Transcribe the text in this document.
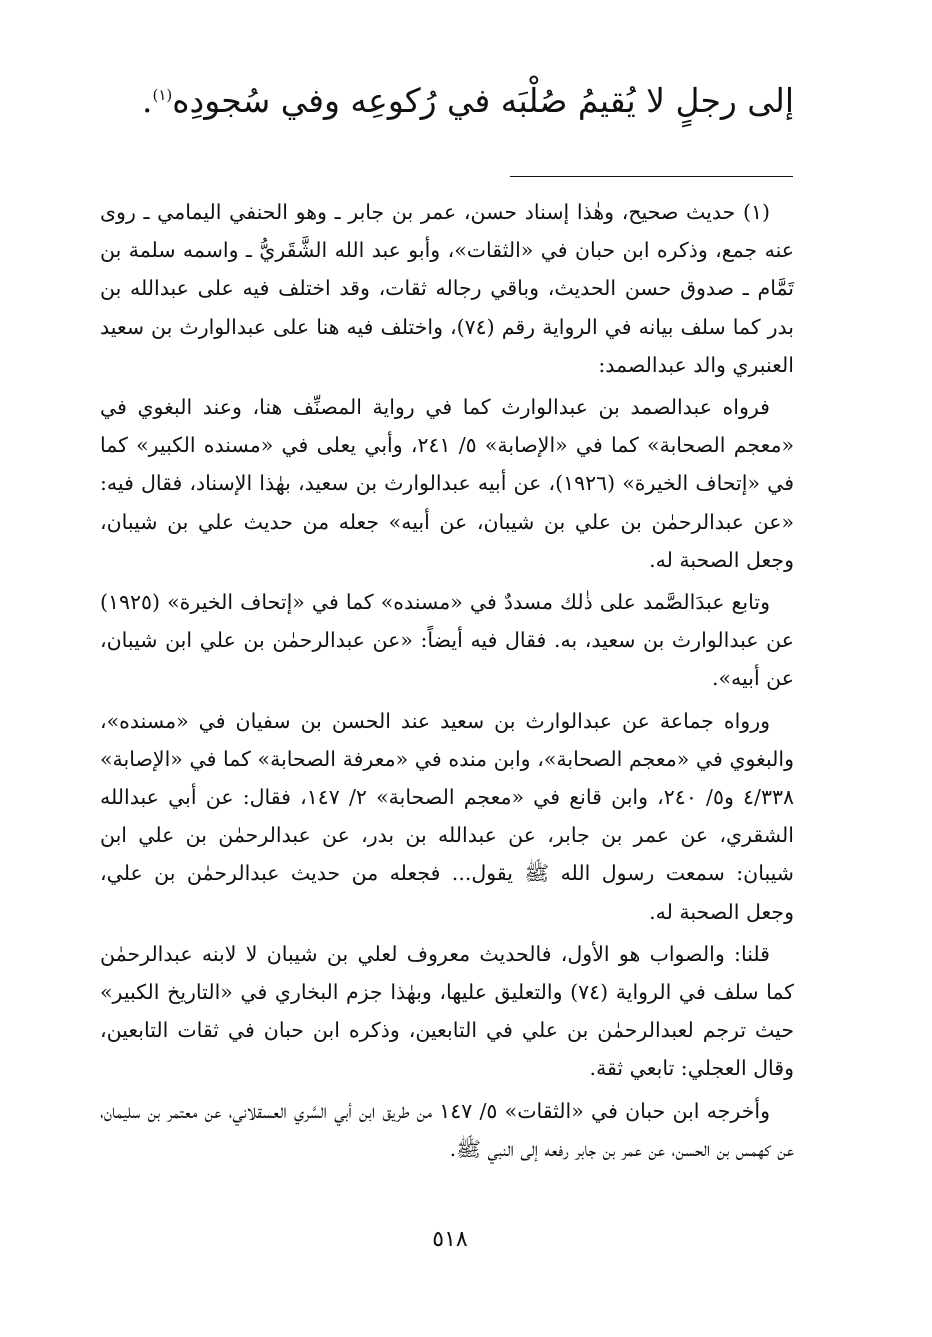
إلى رجلٍ لا يُقيمُ صُلْبَه في رُكوعِه وفي سُجودِه$^{(١)}$.

(١) حديث صحيح، وهٰذا إسناد حسن، عمر بن جابر ـ وهو الحنفي اليمامي ـ روى عنه جمع، وذكره ابن حبان في «الثقات»، وأبو عبد الله الشَّقَريُّ ـ واسمه سلمة بن تَمَّام ـ صدوق حسن الحديث، وباقي رجاله ثقات، وقد اختلف فيه على عبدالله بن بدر كما سلف بيانه في الرواية رقم (٧٤)، واختلف فيه هنا على عبدالوارث بن سعيد العنبري والد عبدالصمد:

فرواه عبدالصمد بن عبدالوارث كما في رواية المصنِّف هنا، وعند البغوي في «معجم الصحابة» كما في «الإصابة» ٥/ ٢٤١، وأبي يعلى في «مسنده الكبير» كما في «إتحاف الخيرة» (١٩٢٦)، عن أبيه عبدالوارث بن سعيد، بهٰذا الإسناد، فقال فيه: «عن عبدالرحمٰن بن علي بن شيبان، عن أبيه» جعله من حديث علي بن شيبان، وجعل الصحبة له.

وتابع عبدَالصَّمد على ذٰلك مسددٌ في «مسنده» كما في «إتحاف الخيرة» (١٩٢٥) عن عبدالوارث بن سعيد، به. فقال فيه أيضاً: «عن عبدالرحمٰن بن علي ابن شيبان، عن أبيه».

ورواه جماعة عن عبدالوارث بن سعيد عند الحسن بن سفيان في «مسنده»، والبغوي في «معجم الصحابة»، وابن منده في «معرفة الصحابة» كما في «الإصابة» ٤/٣٣٨ و٥/ ٢٤٠، وابن قانع في «معجم الصحابة» ٢/ ١٤٧، فقال: عن أبي عبدالله الشقري، عن عمر بن جابر، عن عبدالله بن بدر، عن عبدالرحمٰن بن علي ابن شيبان: سمعت رسول الله ﷺ يقول... فجعله من حديث عبدالرحمٰن بن علي، وجعل الصحبة له.

قلنا: والصواب هو الأول، فالحديث معروف لعلي بن شيبان لا لابنه عبدالرحمٰن كما سلف في الرواية (٧٤) والتعليق عليها، وبهٰذا جزم البخاري في «التاريخ الكبير» حيث ترجم لعبدالرحمٰن بن علي في التابعين، وذكره ابن حبان في ثقات التابعين، وقال العجلي: تابعي ثقة.

وأخرجه ابن حبان في «الثقات» ٥/ ١٤٧ من طريق ابن أبي السَّري العسقلاني، عن معتمر بن سليمان، عن كهمس بن الحسن، عن عمر بن جابر رفعه إلى النبي ﷺ.

٥١٨
